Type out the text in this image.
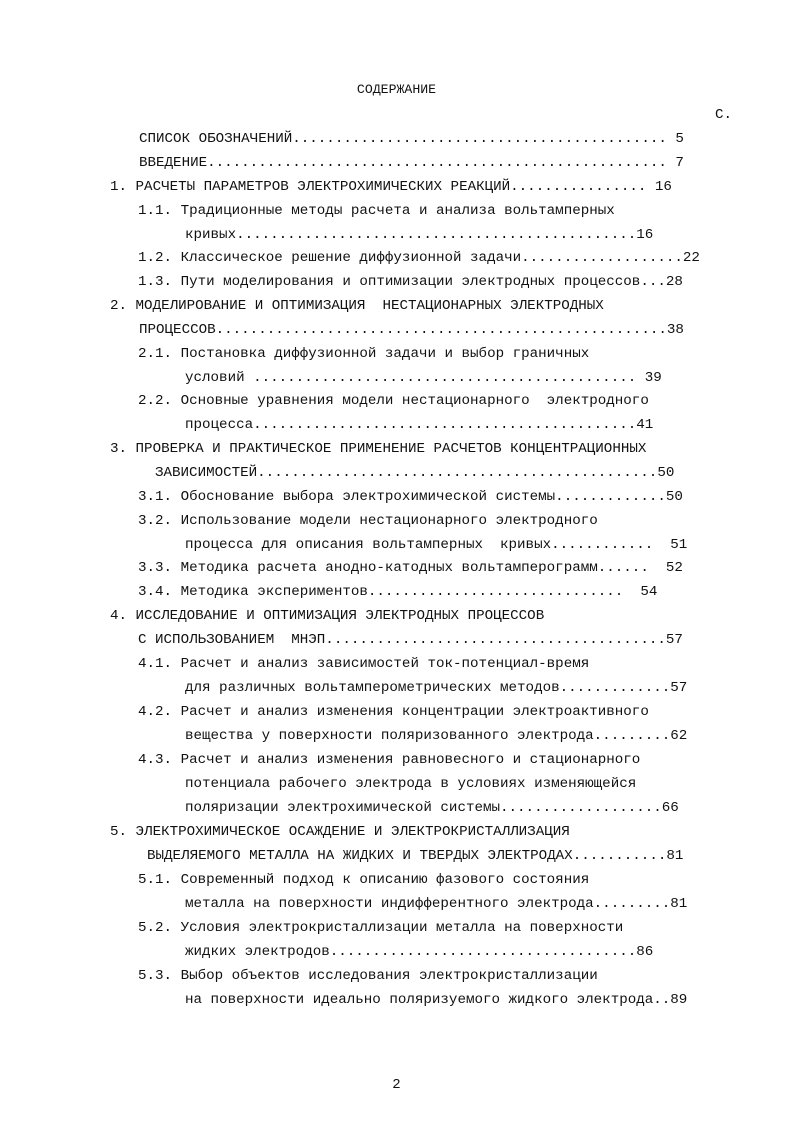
СОДЕРЖАНИЕ
С.
СПИСОК ОБОЗНАЧЕНИЙ............................................ 5
ВВЕДЕНИЕ...................................................... 7
1. РАСЧЕТЫ ПАРАМЕТРОВ ЭЛЕКТРОХИМИЧЕСКИХ РЕАКЦИЙ................ 16
1.1. Традиционные методы расчета и анализа вольтамперных
кривых...............................................16
1.2. Классическое решение диффузионной задачи...................22
1.3. Пути моделирования и оптимизации электродных процессов...28
2. МОДЕЛИРОВАНИЕ И ОПТИМИЗАЦИЯ  НЕСТАЦИОНАРНЫХ ЭЛЕКТРОДНЫХ
ПРОЦЕССОВ.....................................................38
2.1. Постановка диффузионной задачи и выбор граничных
условий ............................................. 39
2.2. Основные уравнения модели нестационарного  электродного
процесса.............................................41
3. ПРОВЕРКА И ПРАКТИЧЕСКОЕ ПРИМЕНЕНИЕ РАСЧЕТОВ КОНЦЕНТРАЦИОННЫХ
ЗАВИСИМОСТЕЙ...............................................50
3.1. Обоснование выбора электрохимической системы.............50
3.2. Использование модели нестационарного электродного
процесса для описания вольтамперных  кривых............  51
3.3. Методика расчета анодно-катодных вольтамперограмм......  52
3.4. Методика экспериментов..............................  54
4. ИССЛЕДОВАНИЕ И ОПТИМИЗАЦИЯ ЭЛЕКТРОДНЫХ ПРОЦЕССОВ
С ИСПОЛЬЗОВАНИЕМ  МНЭП........................................57
4.1. Расчет и анализ зависимостей ток-потенциал-время
для различных вольтамперометрических методов.............57
4.2. Расчет и анализ изменения концентрации электроактивного
вещества у поверхности поляризованного электрода.........62
4.3. Расчет и анализ изменения равновесного и стационарного
потенциала рабочего электрода в условиях изменяющейся
поляризации электрохимической системы...................66
5. ЭЛЕКТРОХИМИЧЕСКОЕ ОСАЖДЕНИЕ И ЭЛЕКТРОКРИСТАЛЛИЗАЦИЯ
ВЫДЕЛЯЕМОГО МЕТАЛЛА НА ЖИДКИХ И ТВЕРДЫХ ЭЛЕКТРОДАХ...........81
5.1. Современный подход к описанию фазового состояния
металла на поверхности индифферентного электрода.........81
5.2. Условия электрокристаллизации металла на поверхности
жидких электродов....................................86
5.3. Выбор объектов исследования электрокристаллизации
на поверхности идеально поляризуемого жидкого электрода..89
2
